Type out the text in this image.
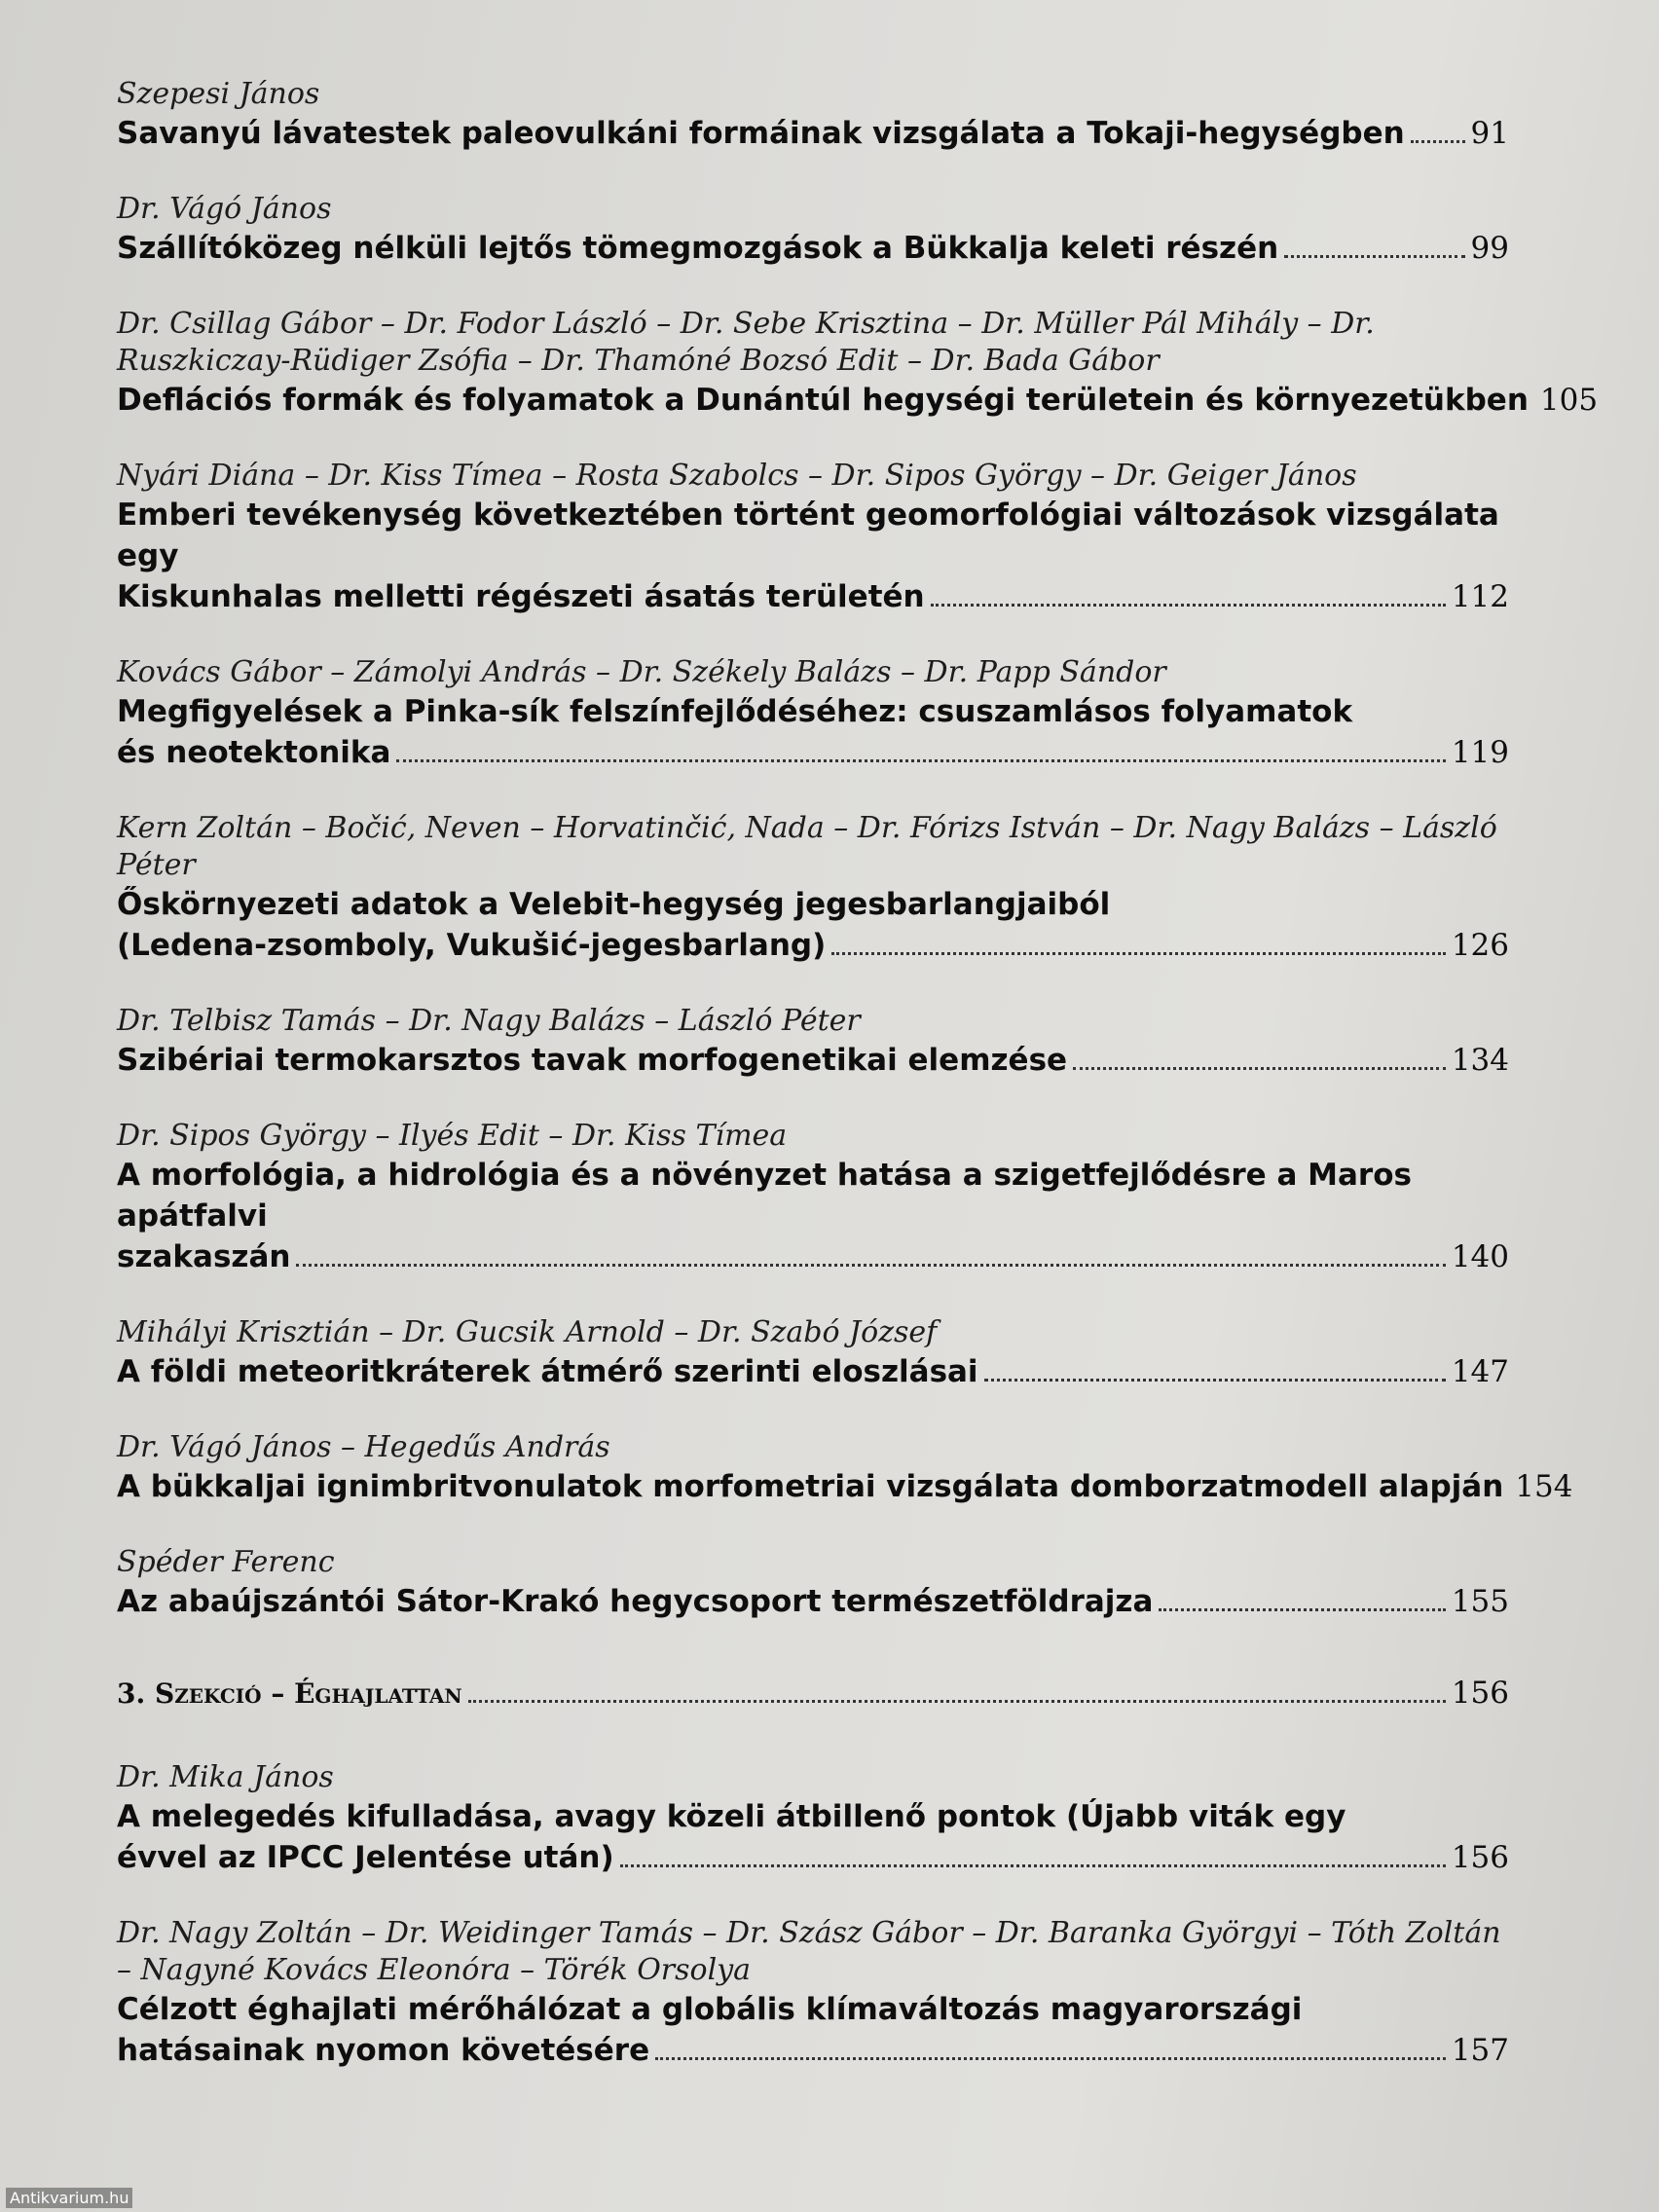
Szepesi János
Savanyú lávatestek paleovulkáni formáinak vizsgálata a Tokaji-hegységben 91
Dr. Vágó János
Szállítóközeg nélküli lejtős tömegmozgások a Bükkalja keleti részén	99
Dr. Csillag Gábor – Dr. Fodor László – Dr. Sebe Krisztina – Dr. Müller Pál Mihály – Dr. Ruszkiczay-Rüdiger Zsófia – Dr. Thamóné Bozsó Edit – Dr. Bada Gábor
Deflációs formák és folyamatok a Dunántúl hegységi területein és környezetükben 105
Nyári Diána – Dr. Kiss Tímea – Rosta Szabolcs – Dr. Sipos György – Dr. Geiger János
Emberi tevékenység következtében történt geomorfológiai változások vizsgálata egy
Kiskunhalas melletti régészeti ásatás területén	112
Kovács Gábor – Zámolyi András – Dr. Székely Balázs – Dr. Papp Sándor
Megfigyelések a Pinka-sík felszínfejlődéséhez: csuszamlásos folyamatok
és neotektonika	119
Kern Zoltán – Bočić, Neven – Horvatinčić, Nada – Dr. Fórizs István – Dr. Nagy Balázs – László Péter
Őskörnyezeti adatok a Velebit-hegység jegesbarlangjaiból
(Ledena-zsomboly, Vukušić-jegesbarlang)	126
Dr. Telbisz Tamás – Dr. Nagy Balázs – László Péter
Szibériai termokarsztos tavak morfogenetikai elemzése	134
Dr. Sipos György – Ilyés Edit – Dr. Kiss Tímea
A morfológia, a hidrológia és a növényzet hatása a szigetfejlődésre a Maros apátfalvi
szakaszán	140
Mihályi Krisztián – Dr. Gucsik Arnold – Dr. Szabó József
A földi meteoritkráterek átmérő szerinti eloszlásai	147
Dr. Vágó János – Hegedűs András
A bükkaljai ignimbritvonulatok morfometriai vizsgálata domborzatmodell alapján 154
Spéder Ferenc
Az abaújszántói Sátor-Krakó hegycsoport természetföldrajza	155
3. Szekció – Éghajlattan	156
Dr. Mika János
A melegedés kifulladása, avagy közeli átbillenő pontok (Újabb viták egy
évvel az IPCC Jelentése után)	156
Dr. Nagy Zoltán – Dr. Weidinger Tamás – Dr. Szász Gábor – Dr. Baranka Györgyi – Tóth Zoltán – Nagyné Kovács Eleonóra – Törék Orsolya
Célzott éghajlati mérőhálózat a globális klímaváltozás magyarországi
hatásainak nyomon követésére	157
Antikvarium.hu
